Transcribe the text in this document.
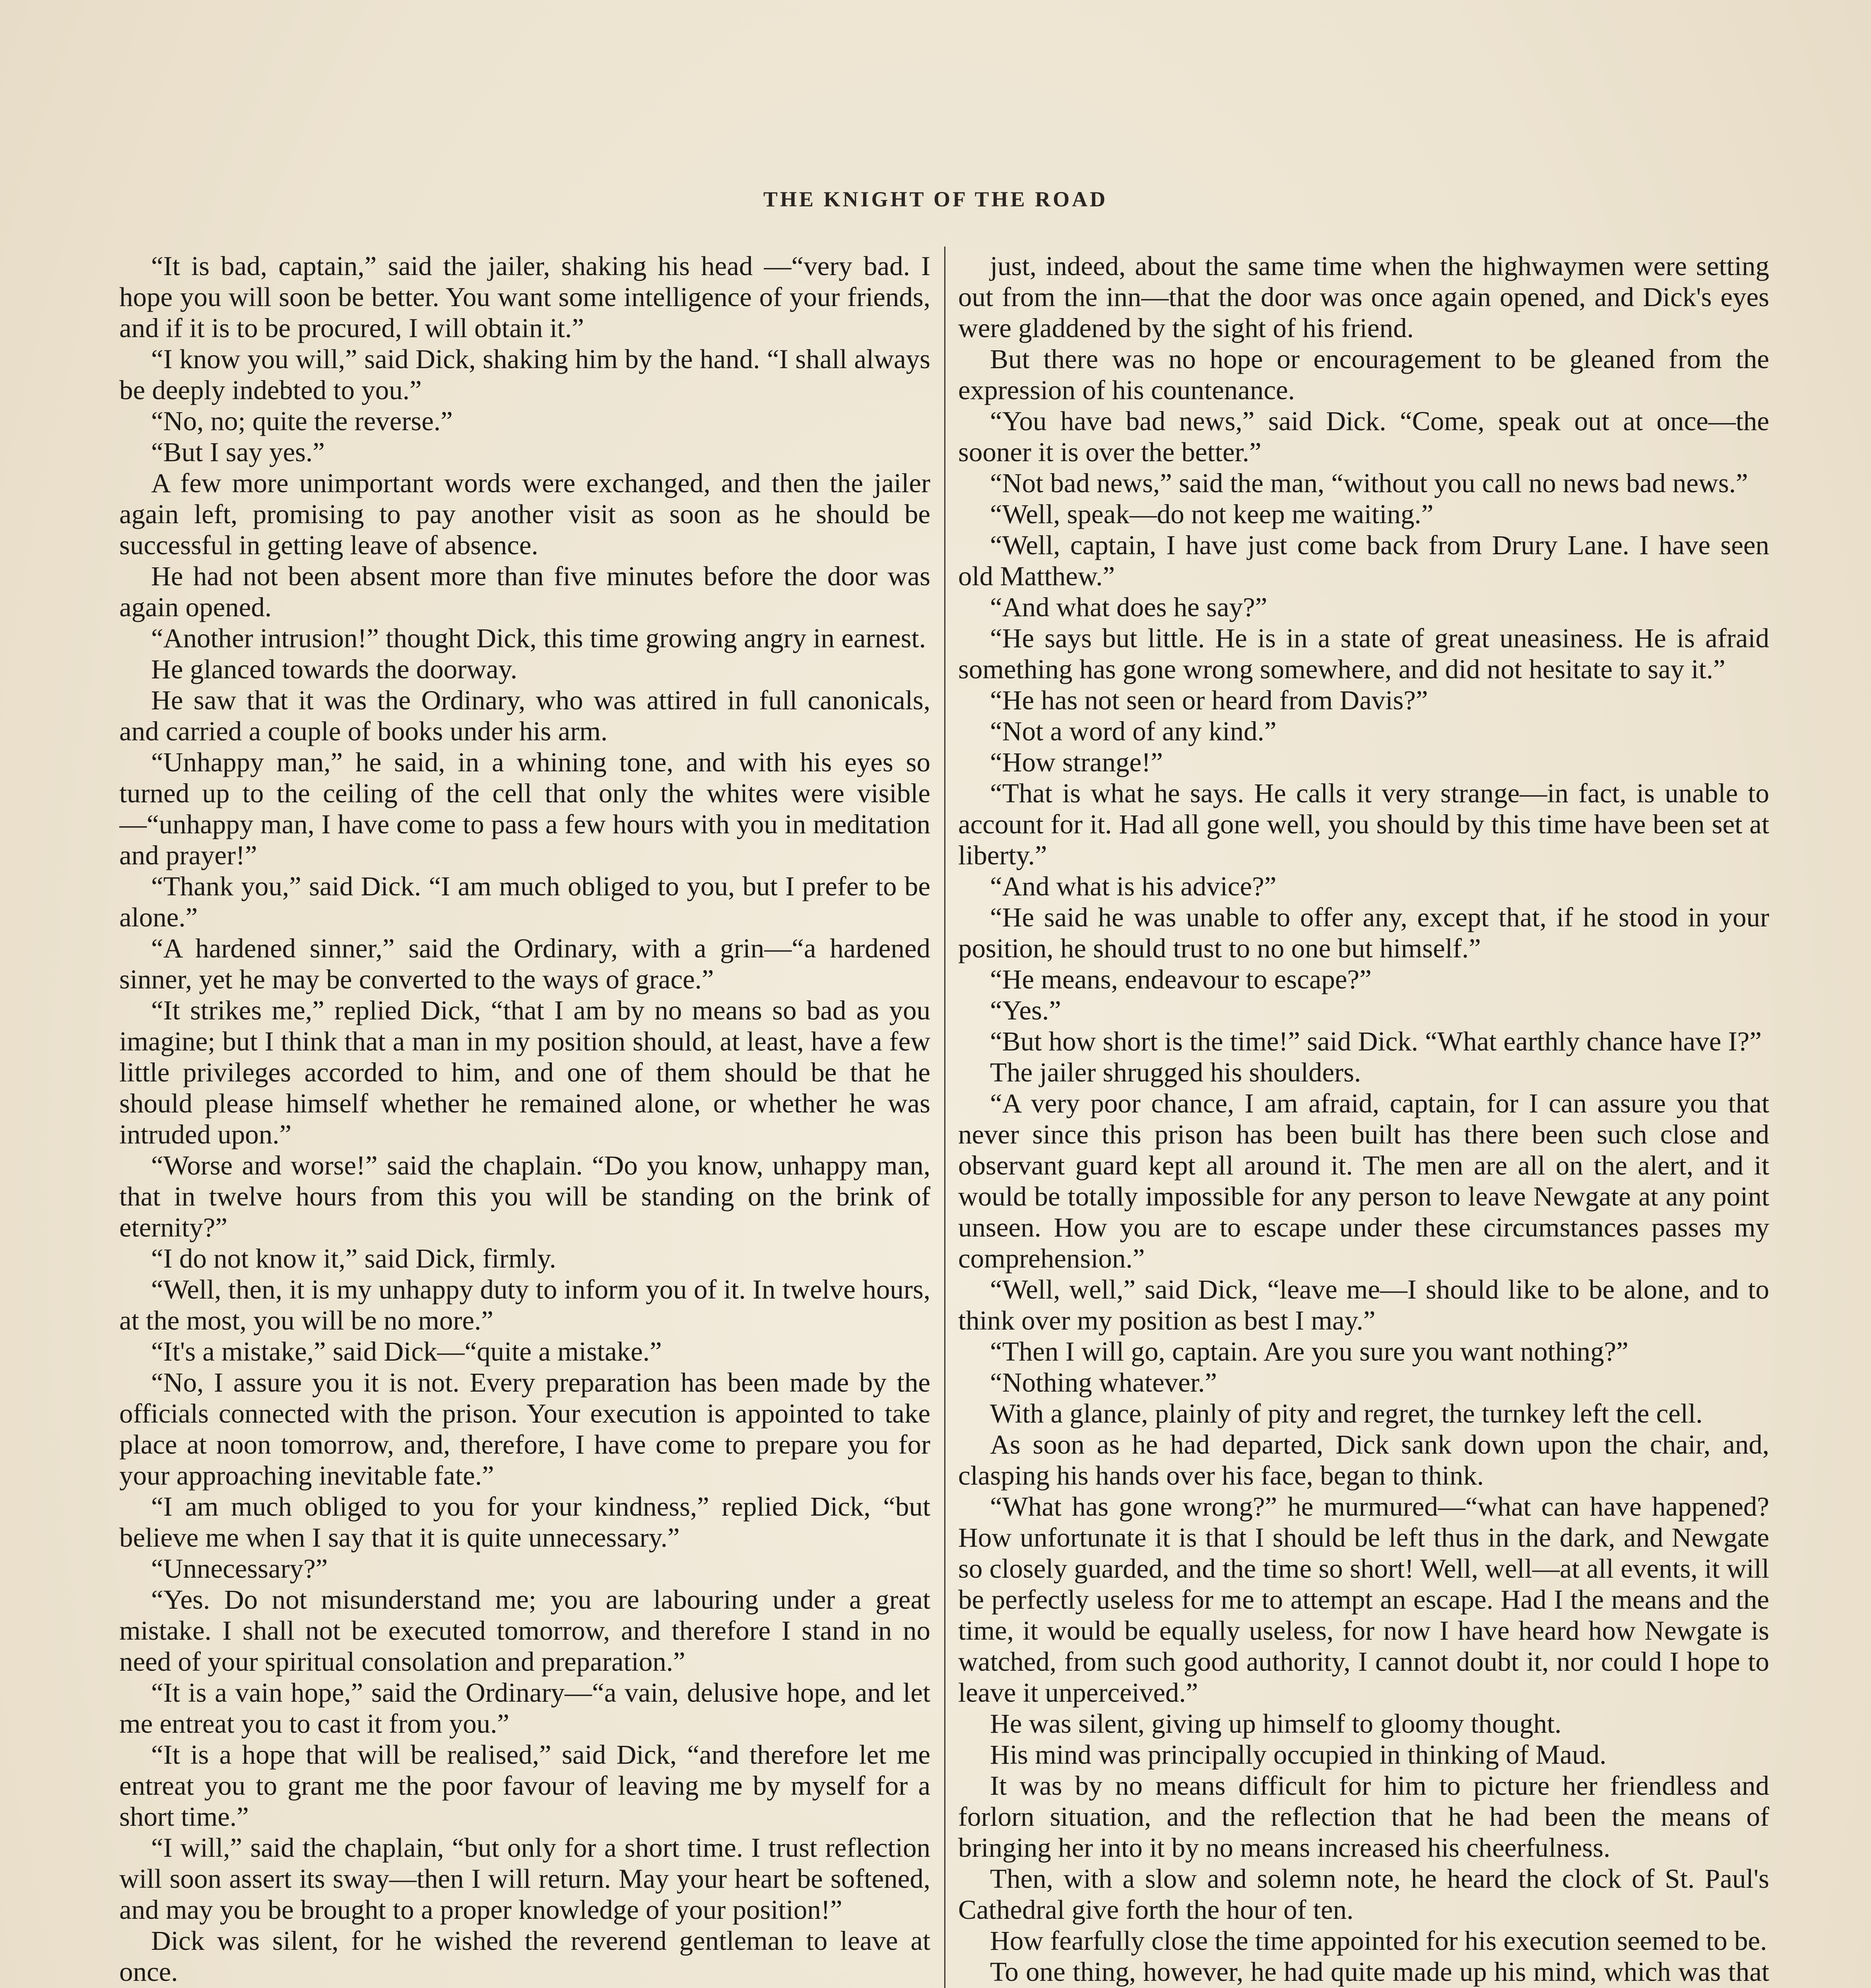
THE KNIGHT OF THE ROAD

“It is bad, captain,” said the jailer, shaking his head —“very bad. I hope you will soon be better. You want some intelligence of your friends, and if it is to be procured, I will obtain it.”

“I know you will,” said Dick, shaking him by the hand. “I shall always be deeply indebted to you.”

“No, no; quite the reverse.”

“But I say yes.”

A few more unimportant words were exchanged, and then the jailer again left, promising to pay another visit as soon as he should be successful in getting leave of absence.

He had not been absent more than five minutes before the door was again opened.

“Another intrusion!” thought Dick, this time growing angry in earnest.

He glanced towards the doorway.

He saw that it was the Ordinary, who was attired in full canonicals, and carried a couple of books under his arm.

“Unhappy man,” he said, in a whining tone, and with his eyes so turned up to the ceiling of the cell that only the whites were visible—“unhappy man, I have come to pass a few hours with you in meditation and prayer!”

“Thank you,” said Dick. “I am much obliged to you, but I prefer to be alone.”

“A hardened sinner,” said the Ordinary, with a grin—“a hardened sinner, yet he may be converted to the ways of grace.”

“It strikes me,” replied Dick, “that I am by no means so bad as you imagine; but I think that a man in my position should, at least, have a few little privileges accorded to him, and one of them should be that he should please himself whether he remained alone, or whether he was intruded upon.”

“Worse and worse!” said the chaplain. “Do you know, unhappy man, that in twelve hours from this you will be standing on the brink of eternity?”

“I do not know it,” said Dick, firmly.

“Well, then, it is my unhappy duty to inform you of it. In twelve hours, at the most, you will be no more.”

“It's a mistake,” said Dick—“quite a mistake.”

“No, I assure you it is not. Every preparation has been made by the officials connected with the prison. Your execution is appointed to take place at noon tomorrow, and, therefore, I have come to prepare you for your approaching inevitable fate.”

“I am much obliged to you for your kindness,” replied Dick, “but believe me when I say that it is quite unnecessary.”

“Unnecessary?”

“Yes. Do not misunderstand me; you are labouring under a great mistake. I shall not be executed tomorrow, and therefore I stand in no need of your spiritual consolation and preparation.”

“It is a vain hope,” said the Ordinary—“a vain, delusive hope, and let me entreat you to cast it from you.”

“It is a hope that will be realised,” said Dick, “and therefore let me entreat you to grant me the poor favour of leaving me by myself for a short time.”

“I will,” said the chaplain, “but only for a short time. I trust reflection will soon assert its sway—then I will return. May your heart be softened, and may you be brought to a proper knowledge of your position!”

Dick was silent, for he wished the reverend gentleman to leave at once.

just, indeed, about the same time when the highwaymen were setting out from the inn—that the door was once again opened, and Dick's eyes were gladdened by the sight of his friend.

But there was no hope or encouragement to be gleaned from the expression of his countenance.

“You have bad news,” said Dick. “Come, speak out at once—the sooner it is over the better.”

“Not bad news,” said the man, “without you call no news bad news.”

“Well, speak—do not keep me waiting.”

“Well, captain, I have just come back from Drury Lane. I have seen old Matthew.”

“And what does he say?”

“He says but little. He is in a state of great uneasiness. He is afraid something has gone wrong somewhere, and did not hesitate to say it.”

“He has not seen or heard from Davis?”

“Not a word of any kind.”

“How strange!”

“That is what he says. He calls it very strange—in fact, is unable to account for it. Had all gone well, you should by this time have been set at liberty.”

“And what is his advice?”

“He said he was unable to offer any, except that, if he stood in your position, he should trust to no one but himself.”

“He means, endeavour to escape?”

“Yes.”

“But how short is the time!” said Dick. “What earthly chance have I?”

The jailer shrugged his shoulders.

“A very poor chance, I am afraid, captain, for I can assure you that never since this prison has been built has there been such close and observant guard kept all around it. The men are all on the alert, and it would be totally impossible for any person to leave Newgate at any point unseen. How you are to escape under these circumstances passes my comprehension.”

“Well, well,” said Dick, “leave me—I should like to be alone, and to think over my position as best I may.”

“Then I will go, captain. Are you sure you want nothing?”

“Nothing whatever.”

With a glance, plainly of pity and regret, the turnkey left the cell.

As soon as he had departed, Dick sank down upon the chair, and, clasping his hands over his face, began to think.

“What has gone wrong?” he murmured—“what can have happened? How unfortunate it is that I should be left thus in the dark, and Newgate so closely guarded, and the time so short! Well, well—at all events, it will be perfectly useless for me to attempt an escape. Had I the means and the time, it would be equally useless, for now I have heard how Newgate is watched, from such good authority, I cannot doubt it, nor could I hope to leave it unperceived.”

He was silent, giving up himself to gloomy thought.

His mind was principally occupied in thinking of Maud.

It was by no means difficult for him to picture her friendless and forlorn situation, and the reflection that he had been the means of bringing her into it by no means increased his cheerfulness.

Then, with a slow and solemn note, he heard the clock of St. Paul's Cathedral give forth the hour of ten.

How fearfully close the time appointed for his execution seemed to be.

To one thing, however, he had quite made up his mind, which was that
